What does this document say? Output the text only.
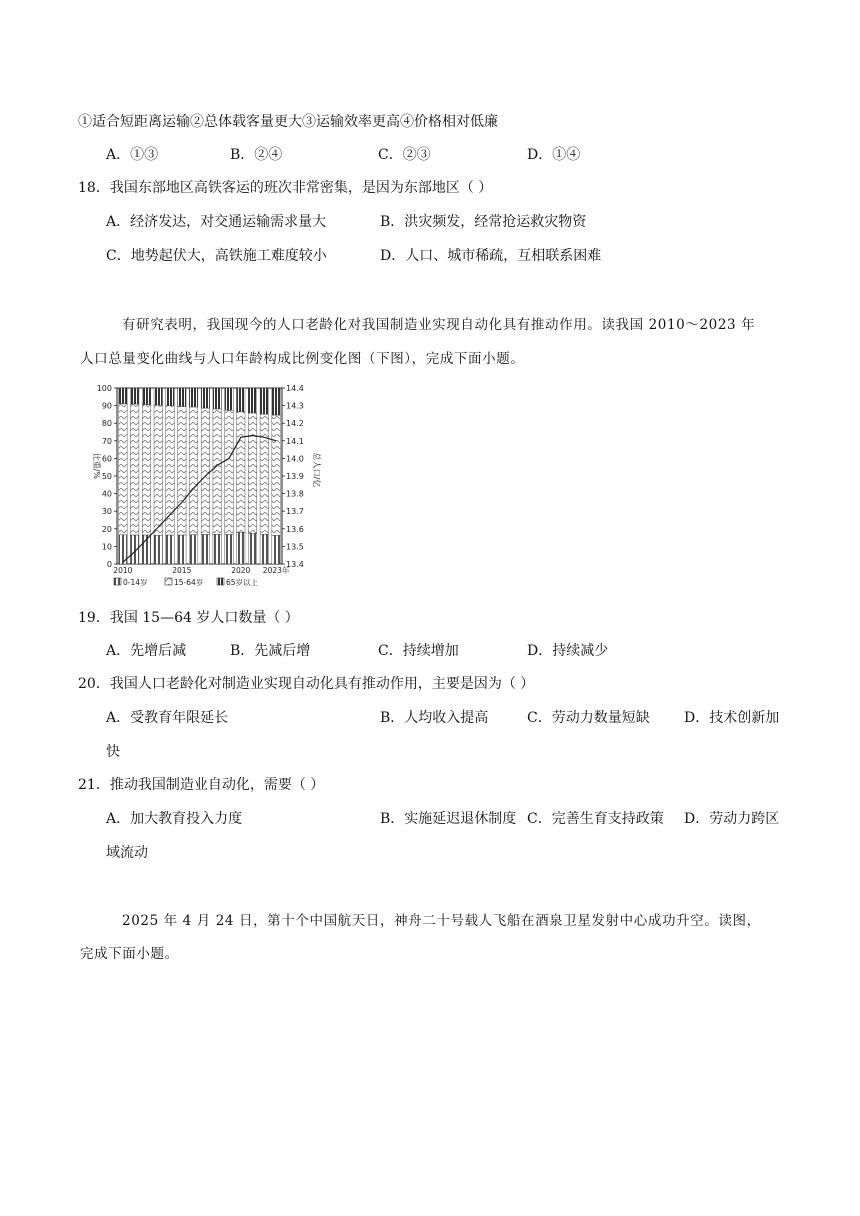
①适合短距离运输②总体载客量更大③运输效率更高④价格相对低廉
A．①③	B．②④	C．②③	D．①④
18．我国东部地区高铁客运的班次非常密集，是因为东部地区（ ）
A．经济发达，对交通运输需求量大	B．洪灾频发，经常抢运救灾物资
C．地势起伏大，高铁施工难度较小	D．人口、城市稀疏，互相联系困难
有研究表明，我国现今的人口老龄化对我国制造业实现自动化具有推动作用。读我国 2010～2023 年
人口总量变化曲线与人口年龄构成比例变化图（下图），完成下面小题。
0
10
20
30
40
50
60
70
80
90
100
13.4
13.5
13.6
13.7
13.8
13.9
14.0
14.1
14.2
14.3
14.4
2010	2015	2020 2023年
比重/%	总人口/亿
0-14岁	15-64岁	65岁以上
19．我国 15—64 岁人口数量（ ）
A．先增后减	B．先减后增	C．持续增加	D．持续减少
20．我国人口老龄化对制造业实现自动化具有推动作用，主要是因为（ ）
A．受教育年限延长	B．人均收入提高	C．劳动力数量短缺 D．技术创新加
快
21．推动我国制造业自动化，需要（ ）
A．加大教育投入力度	B．实施延迟退休制度 C．完善生育支持政策 D．劳动力跨区
域流动
2025 年 4 月 24 日，第十个中国航天日，神舟二十号载人飞船在酒泉卫星发射中心成功升空。读图，
完成下面小题。
